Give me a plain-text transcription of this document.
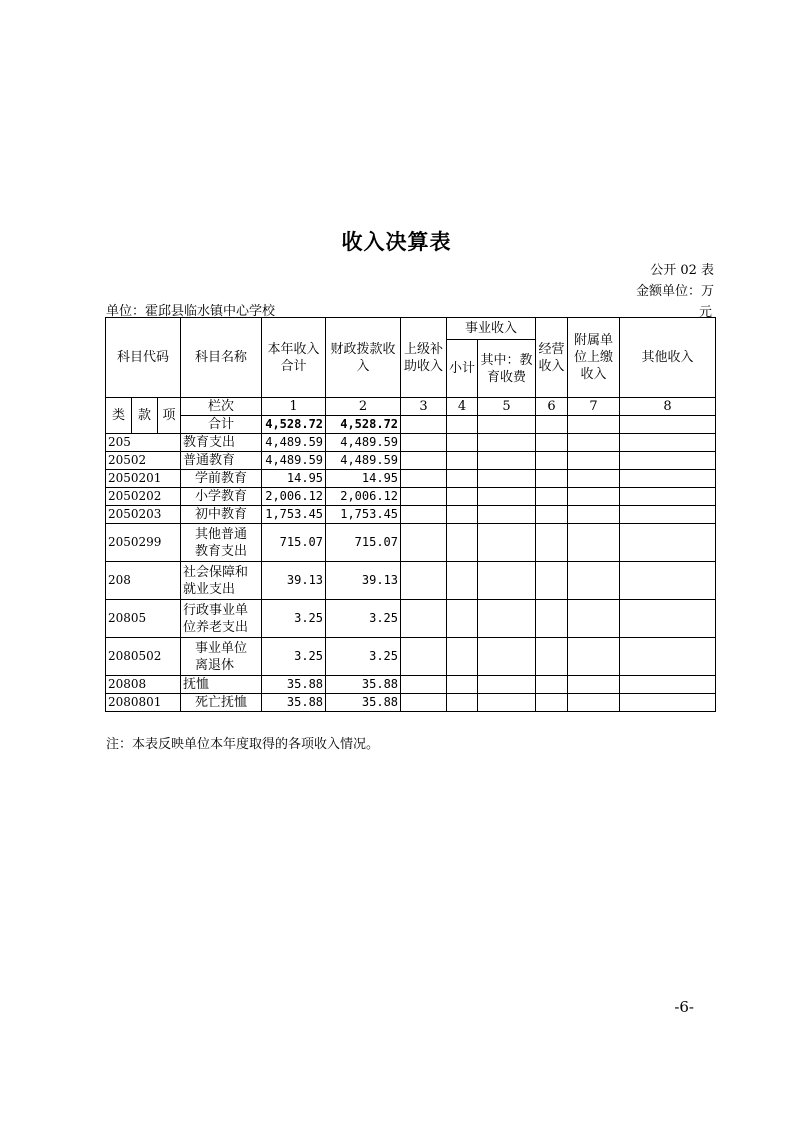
收入决算表
公开 02 表
金额单位：万
元
单位：霍邱县临水镇中心学校
科目代码			科目名称	本年收入合计	财政拨款收入	上级补助收入	事业收入		经营收入	附属单位上缴收入	其他收入
							小计	其中：教育收费			

类	款	项	栏次	1	2	3	4	5	6	7	8
			合计	4,528.72	4,528.72						
205			教育支出	4,489.59	4,489.59						
20502			普通教育	4,489.59	4,489.59						
2050201			学前教育	14.95	14.95						
2050202			小学教育	2,006.12	2,006.12						
2050203			初中教育	1,753.45	1,753.45						
2050299			其他普通教育支出	715.07	715.07						
208			社会保障和就业支出	39.13	39.13						
20805			行政事业单位养老支出	3.25	3.25						
2080502			事业单位离退休	3.25	3.25						
20808			抚恤	35.88	35.88						
2080801			死亡抚恤	35.88	35.88						
注：本表反映单位本年度取得的各项收入情况。
-6-
